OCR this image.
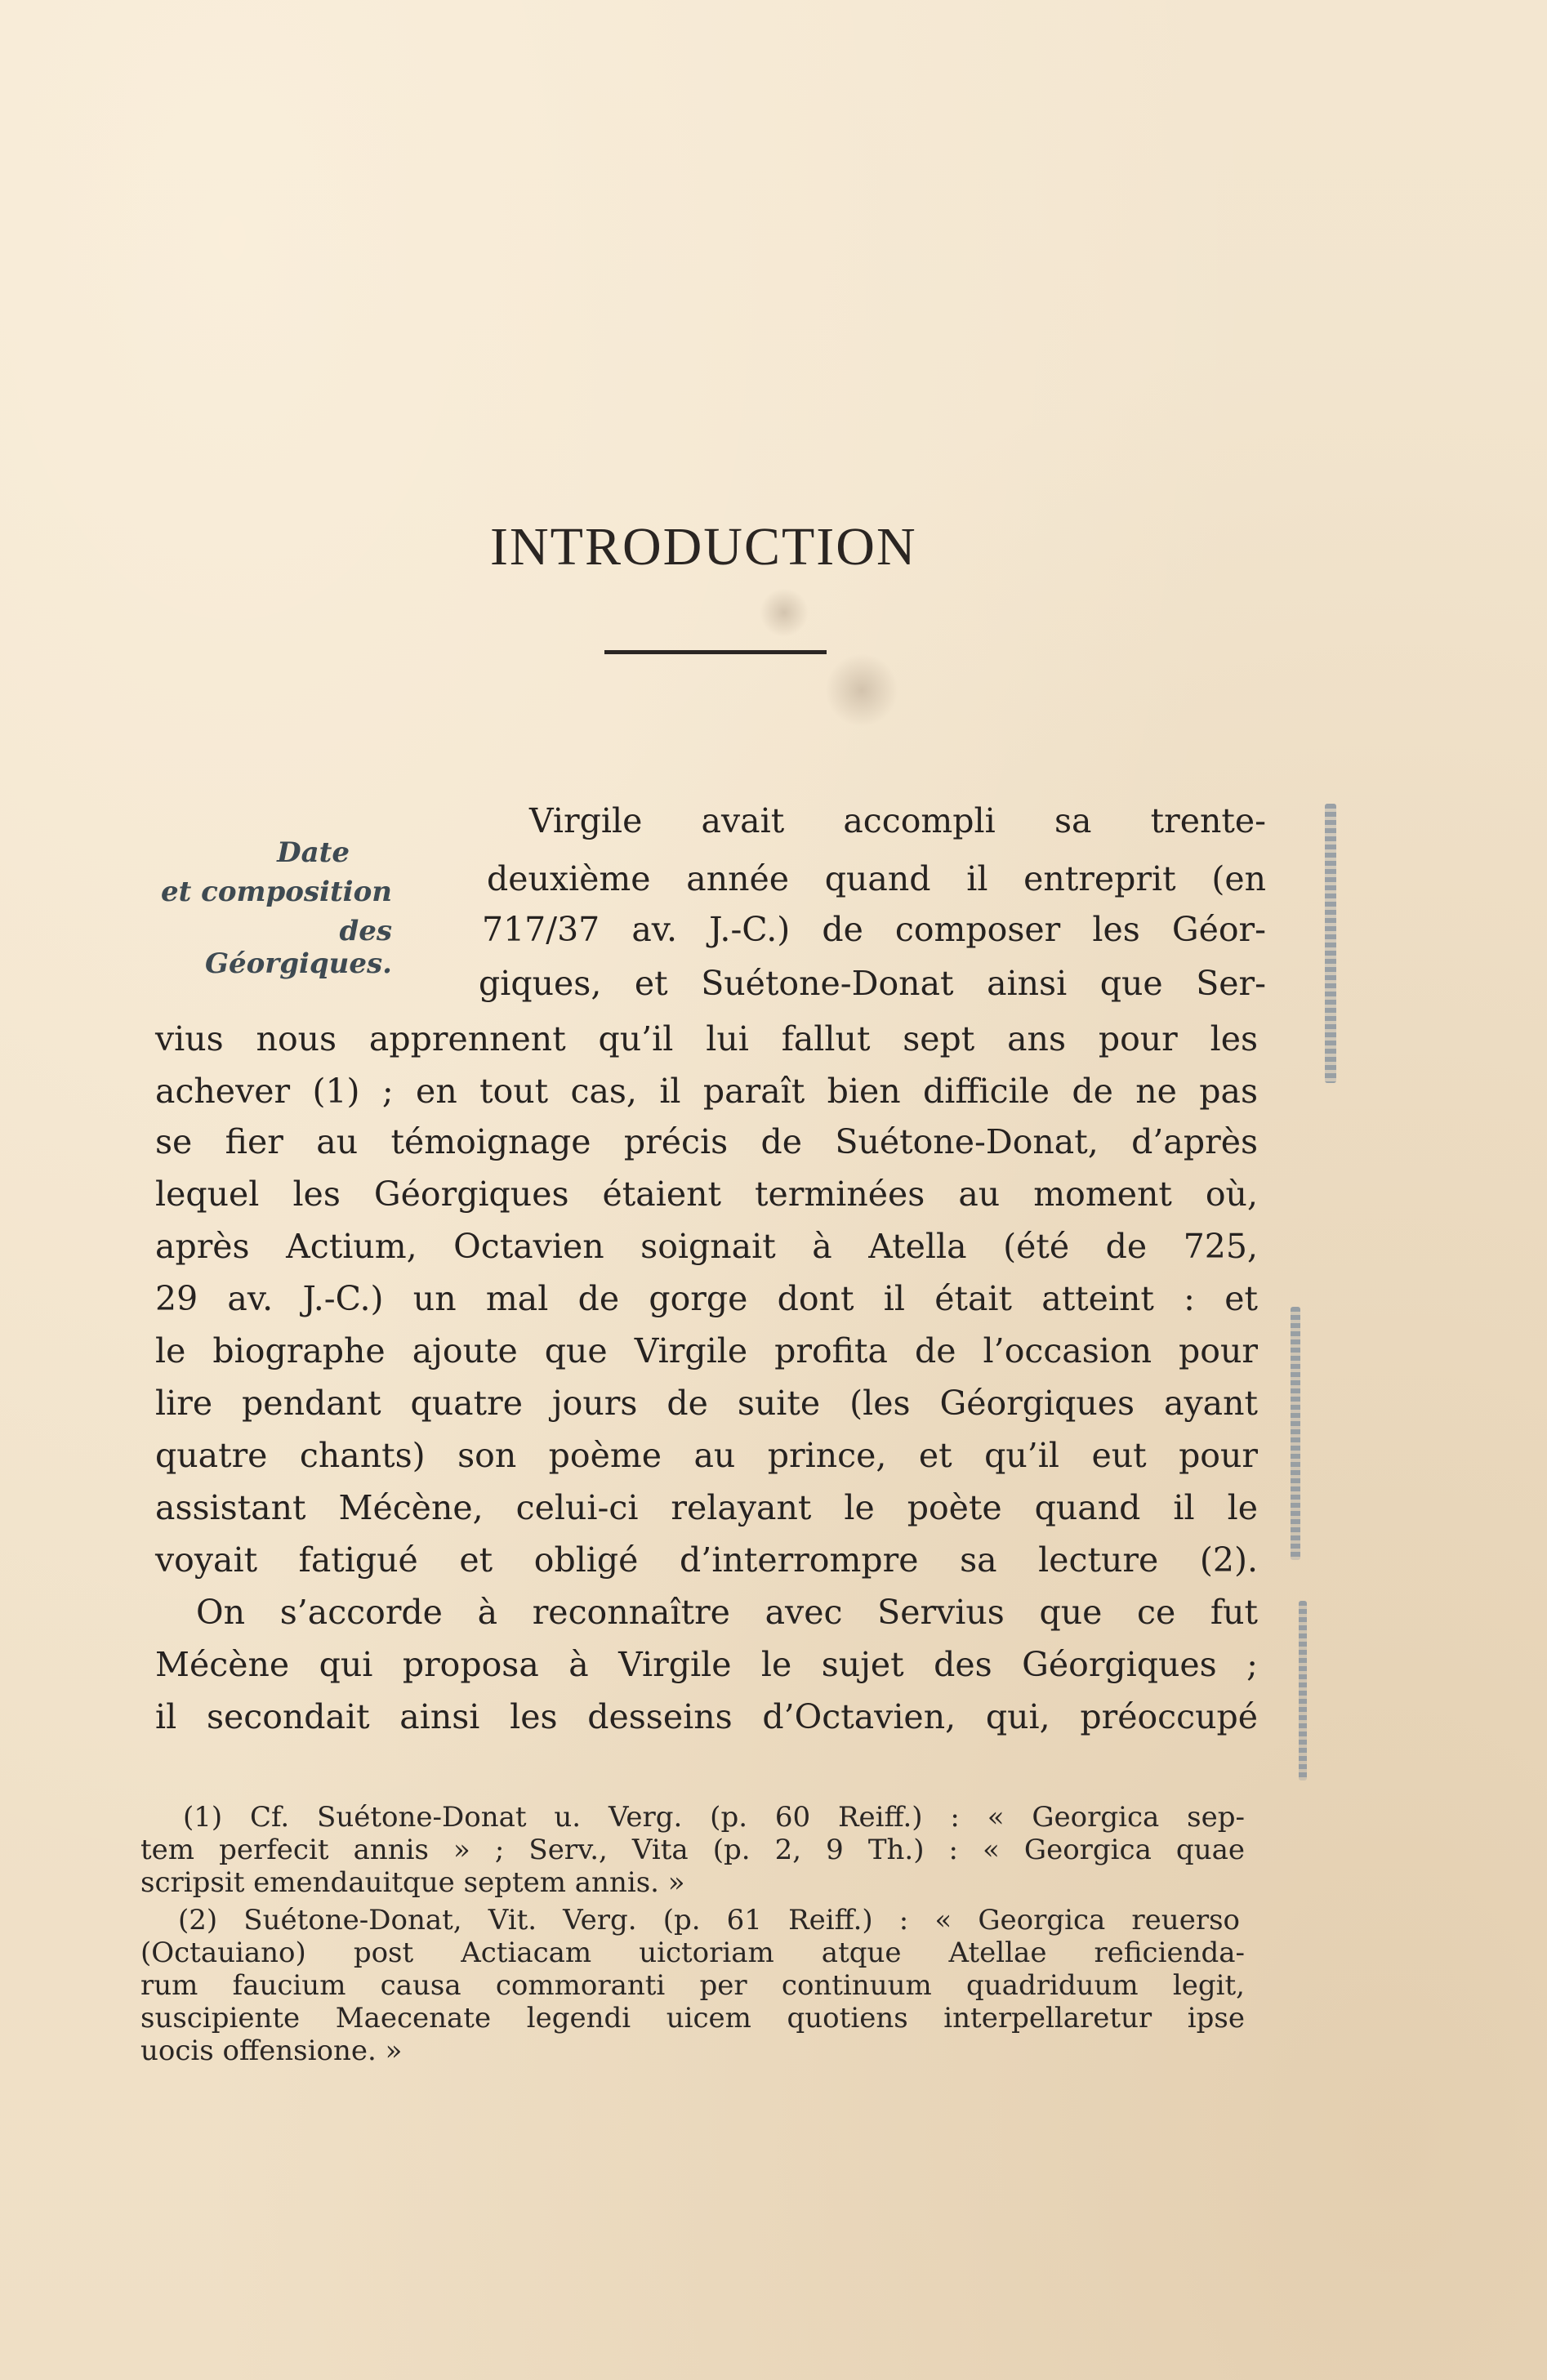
INTRODUCTION
Date
et composition
des Géorgiques.
Virgile avait accompli sa trente-
deuxième année quand il entreprit (en
717/37 av. J.-C.) de composer les Géor-
giques, et Suétone-Donat ainsi que Ser-
vius nous apprennent qu’il lui fallut sept ans pour les
achever (1) ; en tout cas, il paraît bien difficile de ne pas
se fier au témoignage précis de Suétone-Donat, d’après
lequel les Géorgiques étaient terminées au moment où,
après Actium, Octavien soignait à Atella (été de 725,
29 av. J.-C.) un mal de gorge dont il était atteint : et
le biographe ajoute que Virgile profita de l’occasion pour
lire pendant quatre jours de suite (les Géorgiques ayant
quatre chants) son poème au prince, et qu’il eut pour
assistant Mécène, celui-ci relayant le poète quand il le
voyait fatigué et obligé d’interrompre sa lecture (2).
On s’accorde à reconnaître avec Servius que ce fut
Mécène qui proposa à Virgile le sujet des Géorgiques ;
il secondait ainsi les desseins d’Octavien, qui, préoccupé
(1) Cf. Suétone-Donat u. Verg. (p. 60 Reiff.) : « Georgica sep-
tem perfecit annis » ; Serv., Vita (p. 2, 9 Th.) : « Georgica quae
scripsit emendauitque septem annis. »
(2) Suétone-Donat, Vit. Verg. (p. 61 Reiff.) : « Georgica reuerso
(Octauiano) post Actiacam uictoriam atque Atellae reficienda-
rum faucium causa commoranti per continuum quadriduum legit,
suscipiente Maecenate legendi uicem quotiens interpellaretur ipse
uocis offensione. »
